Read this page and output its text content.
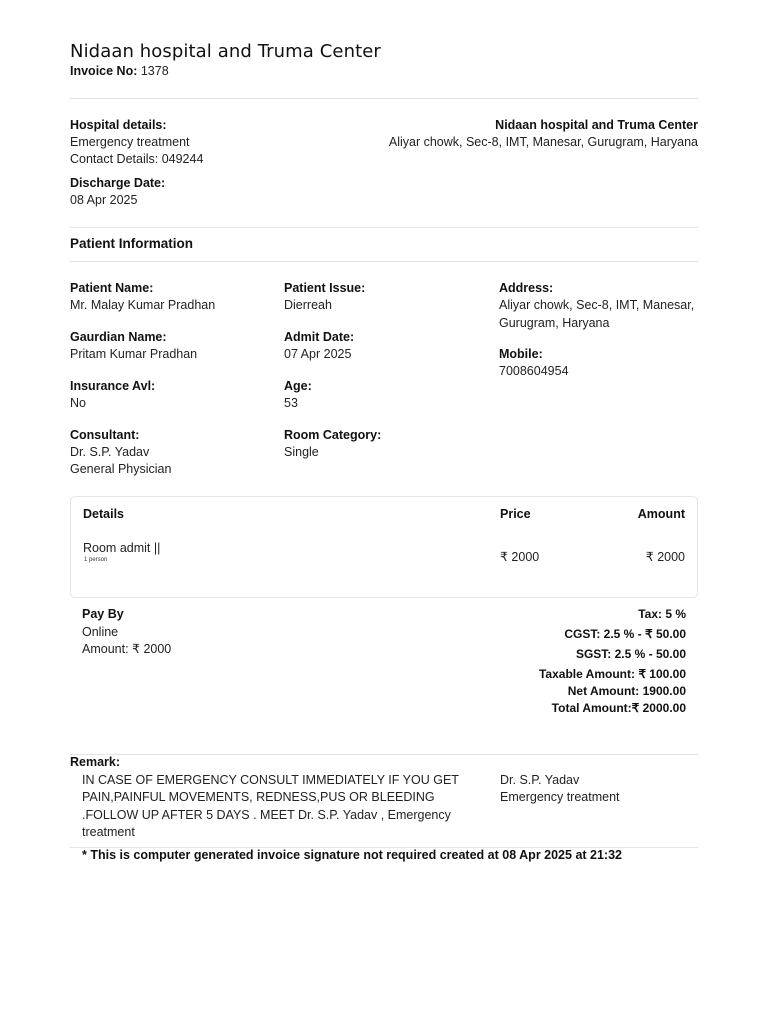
Nidaan hospital and Truma Center
Invoice No: 1378
Hospital details:
Emergency treatment
Contact Details: 049244
Discharge Date:
08 Apr 2025
Nidaan hospital and Truma Center
Aliyar chowk, Sec-8, IMT, Manesar, Gurugram, Haryana
Patient Information
Patient Name:
Mr. Malay Kumar Pradhan
Gaurdian Name:
Pritam Kumar Pradhan
Insurance Avl:
No
Consultant:
Dr. S.P. Yadav
General Physician
Patient Issue:
Dierreah
Admit Date:
07 Apr 2025
Age:
53
Room Category:
Single
Address:
Aliyar chowk, Sec-8, IMT, Manesar,
Gurugram, Haryana
Mobile:
7008604954
Details	Price	Amount
Room admit ||
1 person	₹ 2000	₹ 2000
Pay By
Online
Amount: ₹ 2000
Tax: 5 %
CGST: 2.5 % - ₹ 50.00
SGST: 2.5 % - 50.00
Taxable Amount: ₹ 100.00
Net Amount: 1900.00
Total Amount:₹ 2000.00
Remark:
IN CASE OF EMERGENCY CONSULT IMMEDIATELY IF YOU GET
PAIN,PAINFUL MOVEMENTS, REDNESS,PUS OR BLEEDING
.FOLLOW UP AFTER 5 DAYS . MEET Dr. S.P. Yadav , Emergency
treatment
Dr. S.P. Yadav
Emergency treatment
* This is computer generated invoice signature not required created at 08 Apr 2025 at 21:32
